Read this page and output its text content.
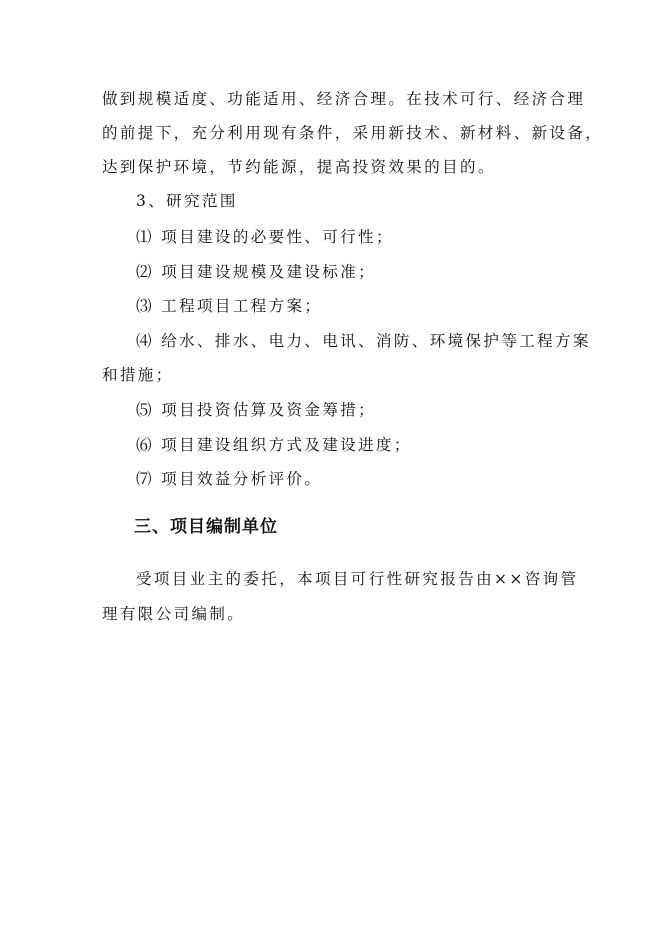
做到规模适度、功能适用、经济合理。在技术可行、经济合理
的前提下，充分利用现有条件，采用新技术、新材料、新设备，
达到保护环境，节约能源，提高投资效果的目的。
3、研究范围
⑴ 项目建设的必要性、可行性；
⑵ 项目建设规模及建设标准；
⑶ 工程项目工程方案；
⑷ 给水、排水、电力、电讯、消防、环境保护等工程方案
和措施；
⑸ 项目投资估算及资金筹措；
⑹ 项目建设组织方式及建设进度；
⑺ 项目效益分析评价。
三、项目编制单位
受项目业主的委托，本项目可行性研究报告由××咨询管
理有限公司编制。
